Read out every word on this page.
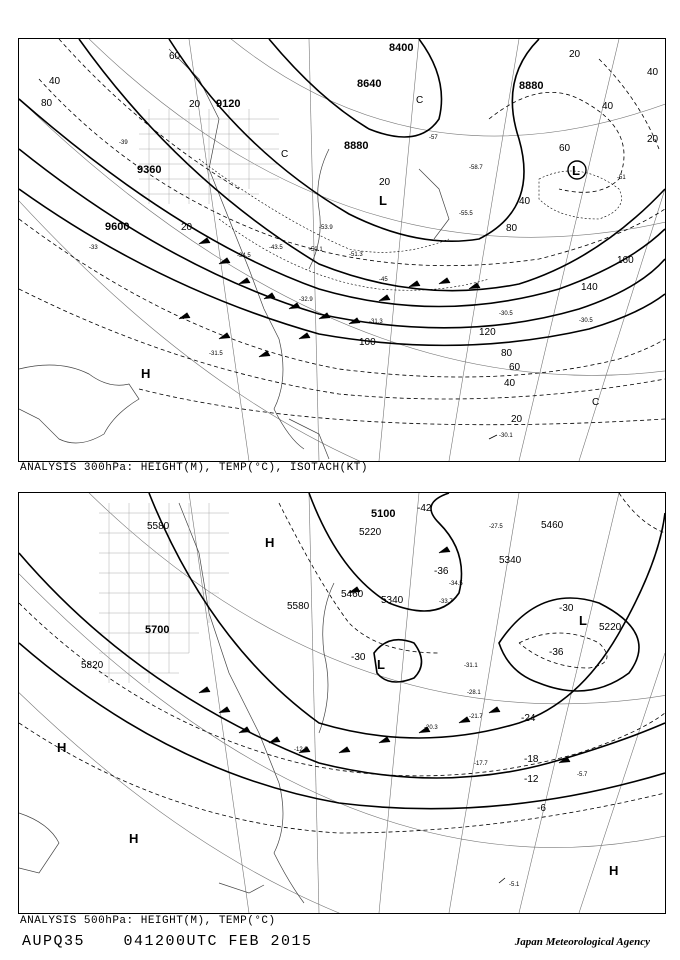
8400
8640
8880
8880
9120
9360
9600	20
40
60
80
100
120
140
160
80
60
40
20
20
40
80
20
20
40
60
40
20
-30.1
-31.5
-31.3
-30.5
-30.5
-32.9
-34.5
-43.5	-50.1
-53.9
-55.5
-58.7
-51.3
-39
-33
-45
-57
-51
L
L
H
C
C
C
ANALYSIS 300hPa: HEIGHT(M), TEMP(°C), ISOTACH(KT)
5100
5220
5340
5340
5460
5460
5580
5580
5700
5820
5220
-36
-30
-24
-18
-12
-6
-36
-30
-42
-5.1
-5.7
-17.7
-21.7
-28.1
-33.7
-34.5
-31.1
-27.5
-20.3
-12.9
L
L
H
H
H
H
ANALYSIS 500hPa: HEIGHT(M), TEMP(°C)
AUPQ35	041200UTC FEB 2015	Japan Meteorological Agency
